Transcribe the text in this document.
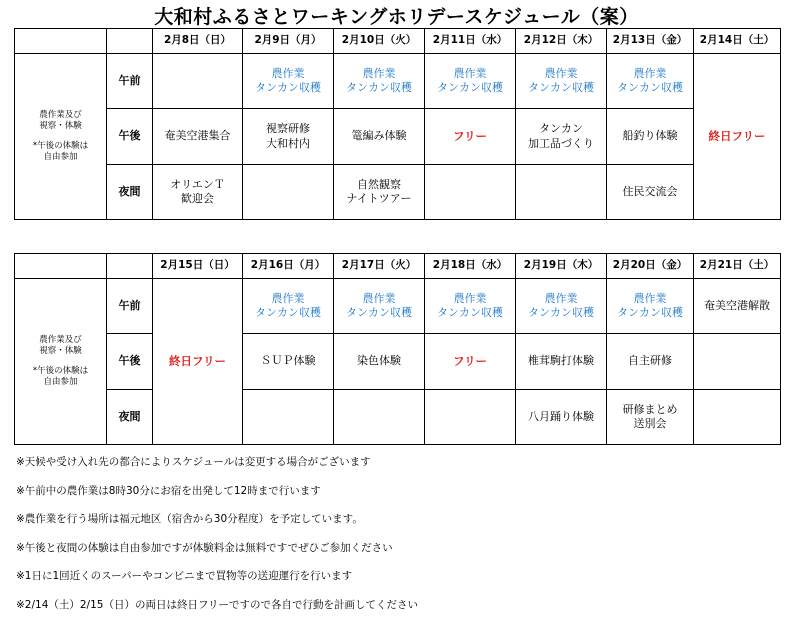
大和村ふるさとワーキングホリデースケジュール（案）
		2月8日（日）	2月9日（月）	2月10日（火）	2月11日（水）	2月12日（木）	2月13日（金）	2月14日（土）

農作業及び
視察・体験
*午後の体験は
自由参加	午前		農作業
タンカン収穫	農作業
タンカン収穫	農作業
タンカン収穫	農作業
タンカン収穫	農作業
タンカン収穫	終日フリー
	午後	奄美空港集合	視察研修
大和村内	篭編み体験	フリー	タンカン
加工品づくり	船釣り体験	

	夜間	オリエンＴ
歓迎会		自然観察
ナイトツアー			住民交流会	
		2月15日（日）	2月16日（月）	2月17日（火）	2月18日（水）	2月19日（木）	2月20日（金）	2月21日（土）

農作業及び
視察・体験
*午後の体験は
自由参加	午前	終日フリー	農作業
タンカン収穫	農作業
タンカン収穫	農作業
タンカン収穫	農作業
タンカン収穫	農作業
タンカン収穫	奄美空港解散

	午後		ＳＵＰ体験	染色体験	フリー	椎茸駒打体験	自主研修	

	夜間					八月踊り体験	研修まとめ
送別会	

※天候や受け入れ先の都合によりスケジュールは変更する場合がございます
※午前中の農作業は8時30分にお宿を出発して12時まで行います
※農作業を行う場所は福元地区（宿舎から30分程度）を予定しています。
※午後と夜間の体験は自由参加ですが体験料金は無料ですでぜひご参加ください
※1日に1回近くのスーパーやコンビニまで買物等の送迎運行を行います
※2/14（土）2/15（日）の両日は終日フリーですので各自で行動を計画してください
